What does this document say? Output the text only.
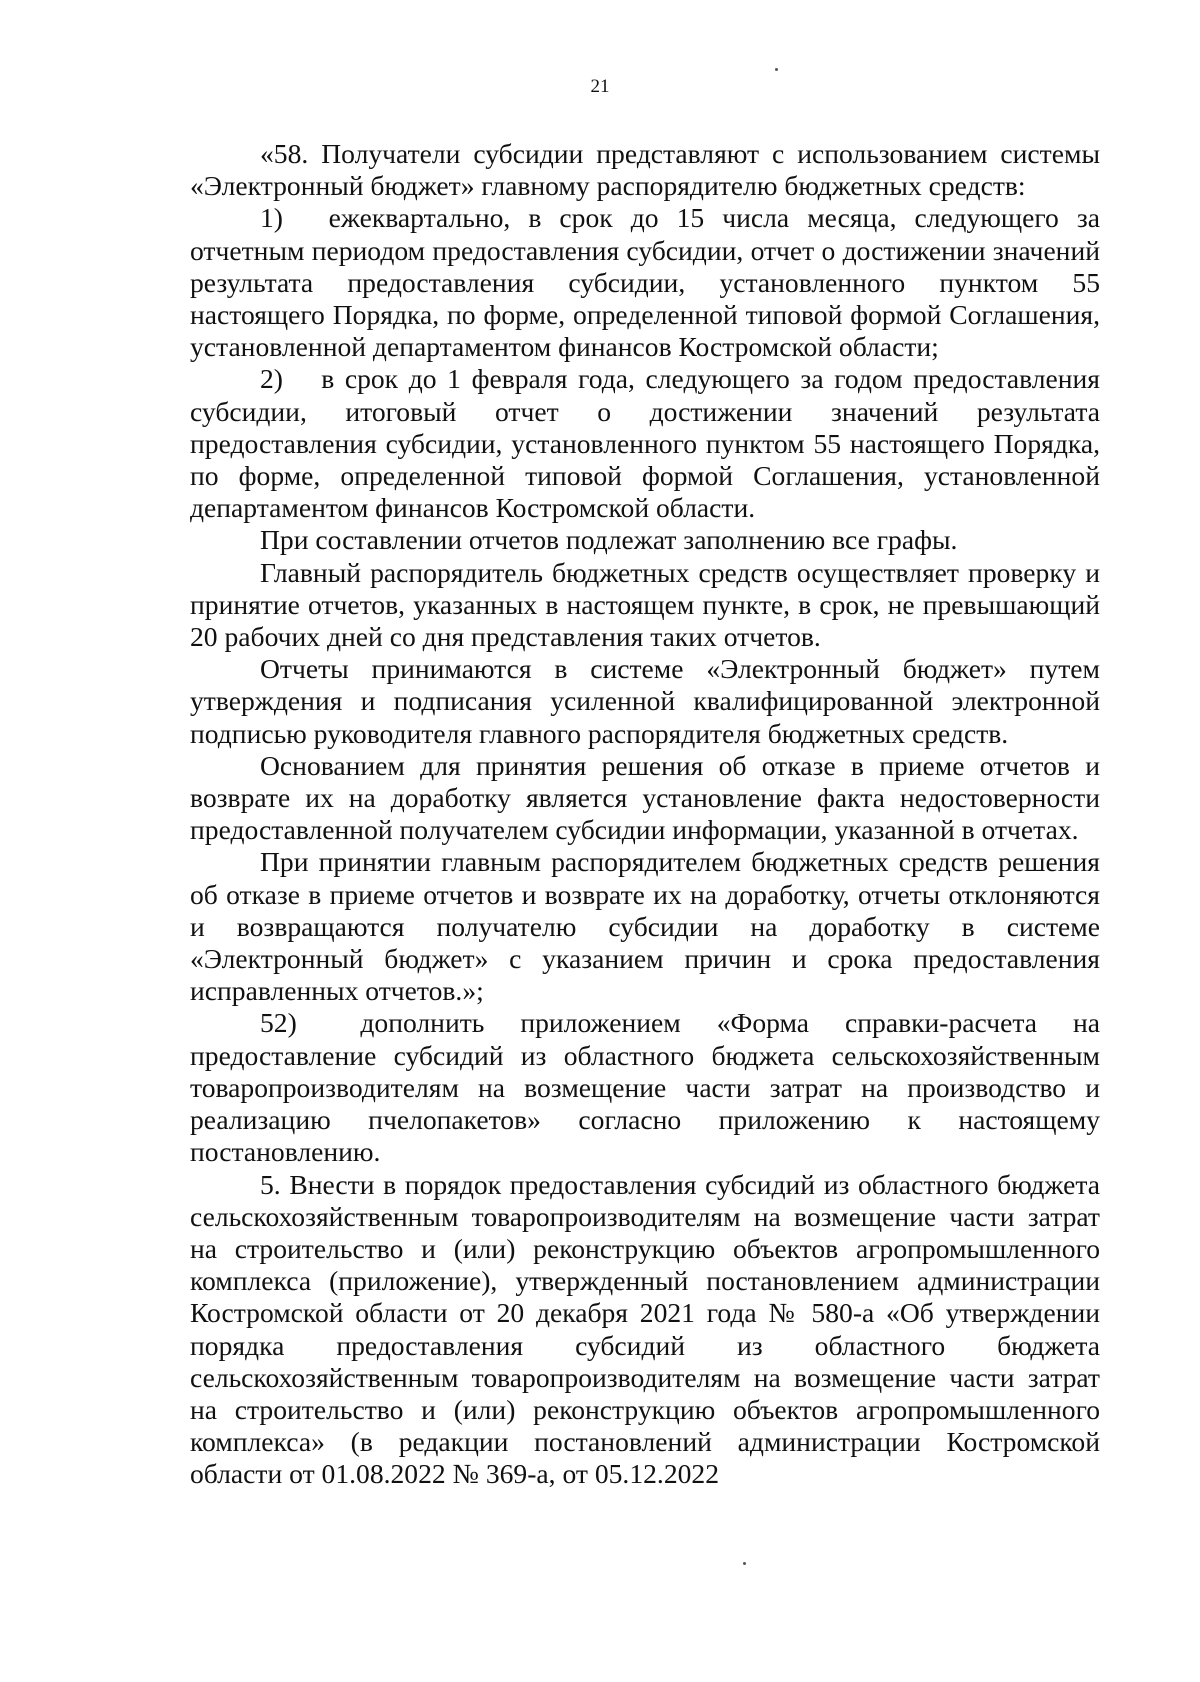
21

«58. Получатели субсидии представляют с использованием системы «Электронный бюджет» главному распорядителю бюджетных средств:

1)  ежеквартально, в срок до 15 числа месяца, следующего за отчетным периодом предоставления субсидии, отчет о достижении значений результата предоставления субсидии, установленного пунктом 55 настоящего Порядка, по форме, определенной типовой формой Соглашения, установленной департаментом финансов Костромской области;

2)  в срок до 1 февраля года, следующего за годом предоставления субсидии, итоговый отчет о достижении значений результата предоставления субсидии, установленного пунктом 55 настоящего Порядка, по форме, определенной типовой формой Соглашения, установленной департаментом финансов Костромской области.

При составлении отчетов подлежат заполнению все графы.

Главный распорядитель бюджетных средств осуществляет проверку и принятие отчетов, указанных в настоящем пункте, в срок, не превышающий 20 рабочих дней со дня представления таких отчетов.

Отчеты принимаются в системе «Электронный бюджет» путем утверждения и подписания усиленной квалифицированной электронной подписью руководителя главного распорядителя бюджетных средств.

Основанием для принятия решения об отказе в приеме отчетов и возврате их на доработку является установление факта недостоверности предоставленной получателем субсидии информации, указанной в отчетах.

При принятии главным распорядителем бюджетных средств решения об отказе в приеме отчетов и возврате их на доработку, отчеты отклоняются и возвращаются получателю субсидии на доработку в системе «Электронный бюджет» с указанием причин и срока предоставления исправленных отчетов.»;

52)  дополнить приложением «Форма справки-расчета на предоставление субсидий из областного бюджета сельскохозяйственным товаропроизводителям на возмещение части затрат на производство и реализацию пчелопакетов» согласно приложению к настоящему постановлению.

5. Внести в порядок предоставления субсидий из областного бюджета сельскохозяйственным товаропроизводителям на возмещение части затрат на строительство и (или) реконструкцию объектов агропромышленного комплекса (приложение), утвержденный постановлением администрации Костромской области от 20 декабря 2021 года № 580-а «Об утверждении порядка предоставления субсидий из областного бюджета сельскохозяйственным товаропроизводителям на возмещение части затрат на строительство и (или) реконструкцию объектов агропромышленного комплекса» (в редакции постановлений администрации Костромской области от 01.08.2022 № 369-а, от 05.12.2022
